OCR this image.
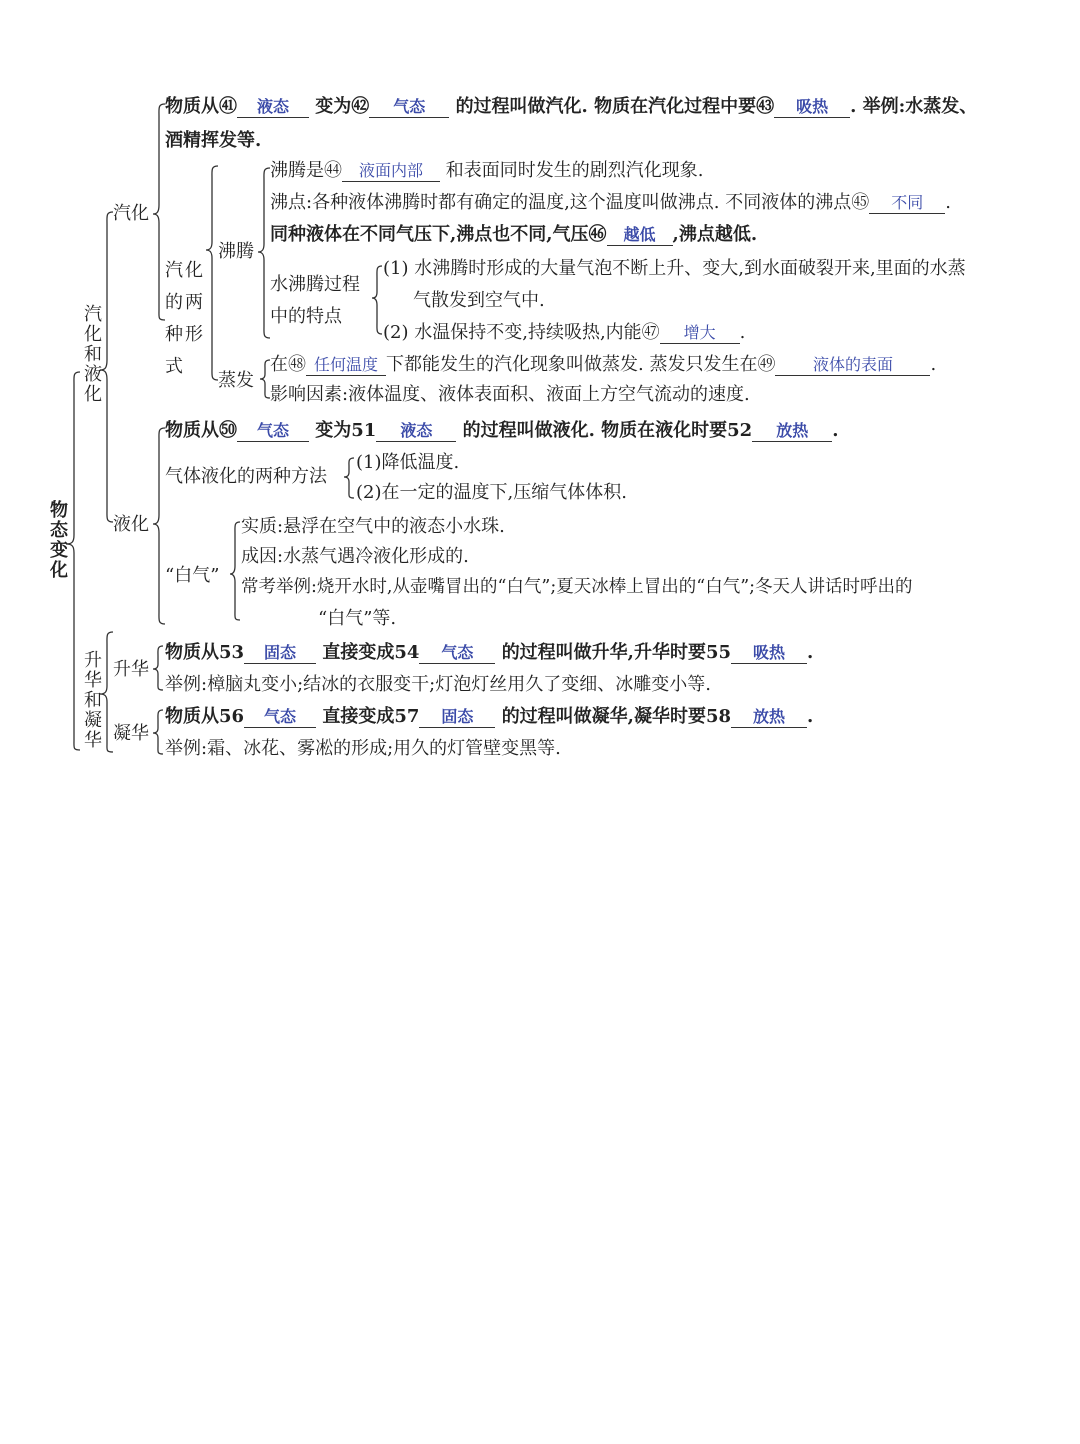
物态变化
汽化和液化
汽化
液化
升华和凝华 升华
凝华
汽化的两种形式
沸腾
蒸发
水沸腾过程
中的特点
气体液化的两种方法
“白气”
物质从㊶ 液态 变为㊷ 气态 的过程叫做汽化. 物质在汽化过程中要㊸ 吸热 . 举例:水蒸发、
酒精挥发等.
沸腾是㊹ 液面内部 和表面同时发生的剧烈汽化现象.
沸点:各种液体沸腾时都有确定的温度,这个温度叫做沸点. 不同液体的沸点㊺ 不同 .
同种液体在不同气压下,沸点也不同,气压㊻ 越低 ,沸点越低.
(1) 水沸腾时形成的大量气泡不断上升、变大,到水面破裂开来,里面的水蒸
气散发到空气中.
(2) 水温保持不变,持续吸热,内能㊼ 增大 .
在㊽ 任何温度 下都能发生的汽化现象叫做蒸发. 蒸发只发生在㊾ 液体的表面 .
影响因素:液体温度、液体表面积、液面上方空气流动的速度.
物质从㊿ 气态 变为51 液态 的过程叫做液化. 物质在液化时要52 放热 .
(1)降低温度.
(2)在一定的温度下,压缩气体体积.
实质:悬浮在空气中的液态小水珠.
成因:水蒸气遇冷液化形成的.
常考举例:烧开水时,从壶嘴冒出的“白气”;夏天冰棒上冒出的“白气”;冬天人讲话时呼出的
“白气”等.
物质从53 固态 直接变成54 气态 的过程叫做升华,升华时要55 吸热 .
举例:樟脑丸变小;结冰的衣服变干;灯泡灯丝用久了变细、冰雕变小等.
物质从56 气态 直接变成57 固态 的过程叫做凝华,凝华时要58 放热 .
举例:霜、冰花、雾凇的形成;用久的灯管壁变黑等.
